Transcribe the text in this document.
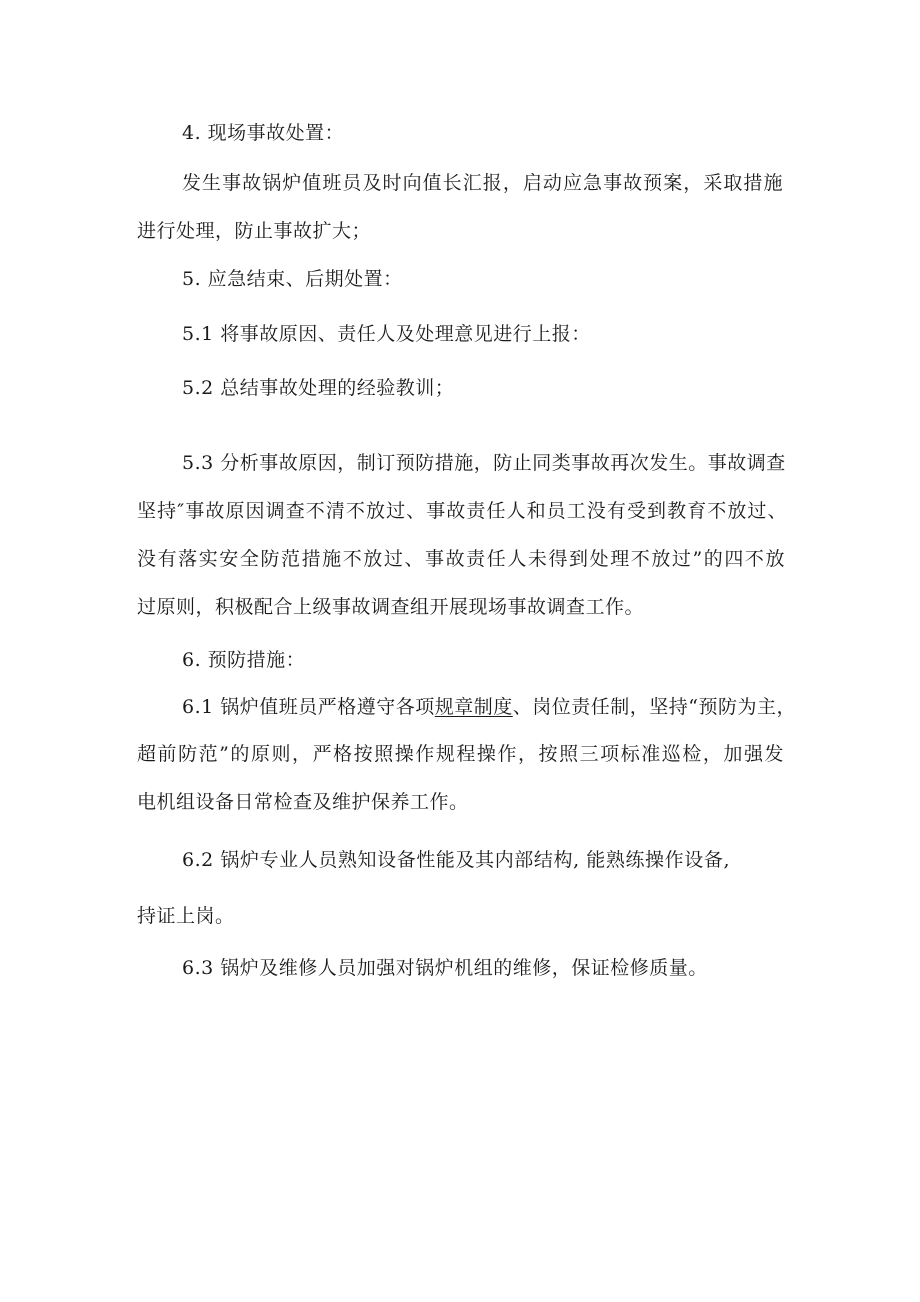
4. 现场事故处置：
发生事故锅炉值班员及时向值长汇报，启动应急事故预案，采取措施
进行处理，防止事故扩大；
5. 应急结束、后期处置：
5.1 将事故原因、责任人及处理意见进行上报：
5.2 总结事故处理的经验教训；
5.3 分析事故原因，制订预防措施，防止同类事故再次发生。事故调查
坚持″事故原因调查不清不放过、事故责任人和员工没有受到教育不放过、
没有落实安全防范措施不放过、事故责任人未得到处理不放过”的四不放
过原则，积极配合上级事故调查组开展现场事故调查工作。
6. 预防措施：
6.1 锅炉值班员严格遵守各项规章制度、岗位责任制，坚持“预防为主，
超前防范”的原则，严格按照操作规程操作，按照三项标准巡检，加强发
电机组设备日常检查及维护保养工作。
6.2 锅炉专业人员熟知设备性能及其内部结构, 能熟练操作设备,
持证上岗。
6.3 锅炉及维修人员加强对锅炉机组的维修，保证检修质量。
